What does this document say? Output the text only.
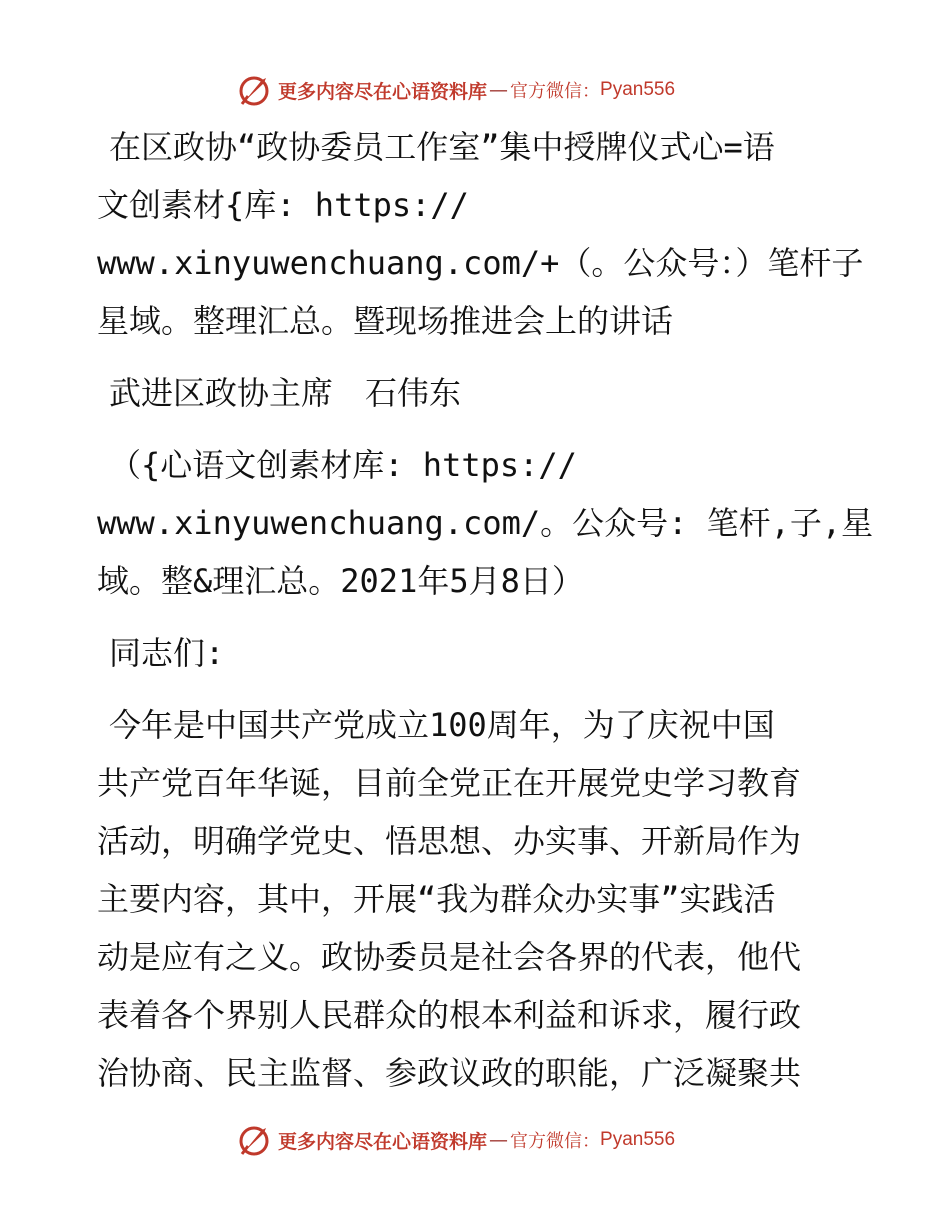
更多内容尽在心语资料库 — 官方微信： Pyan556
在区政协“政协委员工作室”集中授牌仪式心=语
文创素材{库: https://
www.xinyuwenchuang.com/+（。公众号：）笔杆子
星域。整理汇总。暨现场推进会上的讲话
武进区政协主席　石伟东
（{心语文创素材库: https://
www.xinyuwenchuang.com/。公众号: 笔杆,子,星
域。整&理汇总。2021年5月8日）
同志们:
今年是中国共产党成立100周年，为了庆祝中国
共产党百年华诞，目前全党正在开展党史学习教育
活动，明确学党史、悟思想、办实事、开新局作为
主要内容，其中，开展“我为群众办实事”实践活
动是应有之义。政协委员是社会各界的代表，他代
表着各个界别人民群众的根本利益和诉求，履行政
治协商、民主监督、参政议政的职能，广泛凝聚共
更多内容尽在心语资料库 — 官方微信： Pyan556
